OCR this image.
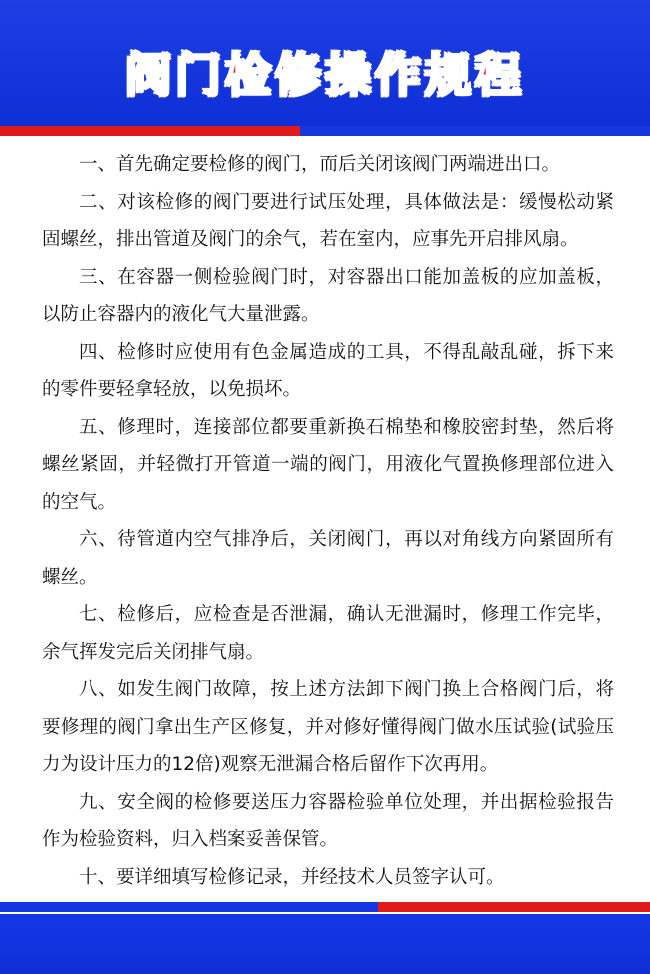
阀门检修操作规程

一、首先确定要检修的阀门，而后关闭该阀门两端进出口。

二、对该检修的阀门要进行试压处理，具体做法是：缓慢松动紧固螺丝，排出管道及阀门的余气，若在室内，应事先开启排风扇。

三、在容器一侧检验阀门时，对容器出口能加盖板的应加盖板，以防止容器内的液化气大量泄露。

四、检修时应使用有色金属造成的工具，不得乱敲乱碰，拆下来的零件要轻拿轻放，以免损坏。

五、修理时，连接部位都要重新换石棉垫和橡胶密封垫，然后将螺丝紧固，并轻微打开管道一端的阀门，用液化气置换修理部位进入的空气。

六、待管道内空气排净后，关闭阀门，再以对角线方向紧固所有螺丝。

七、检修后，应检查是否泄漏，确认无泄漏时，修理工作完毕，余气挥发完后关闭排气扇。

八、如发生阀门故障，按上述方法卸下阀门换上合格阀门后，将要修理的阀门拿出生产区修复，并对修好懂得阀门做水压试验(试验压力为设计压力的12倍)观察无泄漏合格后留作下次再用。

九、安全阀的检修要送压力容器检验单位处理，并出据检验报告作为检验资料，归入档案妥善保管。

十、要详细填写检修记录，并经技术人员签字认可。
